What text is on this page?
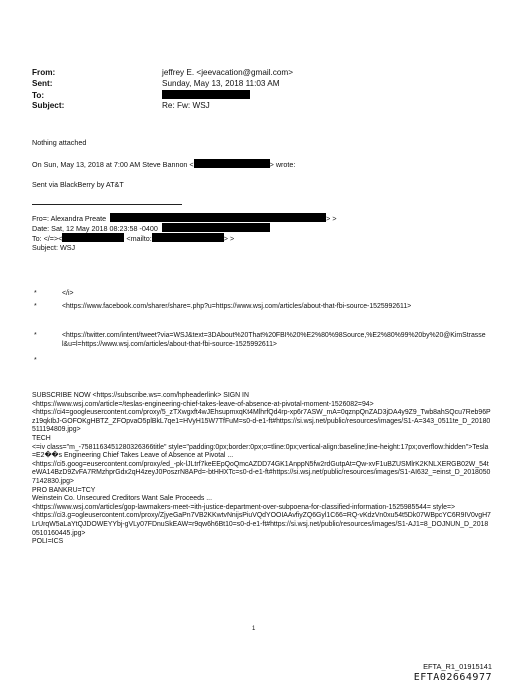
From:	jeffrey E. <jeevacation@gmail.com>
Sent:	Sunday, May 13, 2018 11:03 AM
To:
Subject:	Re: Fw: WSJ
Nothing attached
On Sun, May 13, 2018 at 7:00 AM Steve Bannon <	> wrote:
Sent via BlackBerry by AT&T
Fro=: Alexandra Preate	> >
Date: Sat, 12 May 2018 08:23:58 -0400
To: </=><	<mailto:	> >
Subject: WSJ
*	</i>
*	<https://www.facebook.com/sharer/share=.php?u=https://www.wsj.com/articles/about-that-fbi-source-1525992611>
*	<https://twitter.com/intent/tweet?via=WSJ&text=3DAbout%20That%20FBI%20%E2%80%98Source,%E2%80%99%20by%20@KimStrassel&u=l=https://www.wsj.com/articles/about-that-fbi-source-1525992611>
*
SUBSCRIBE NOW <https://subscribe.ws=.com/hpheaderlink> SIGN IN
<https://www.wsj.com/article=/teslas-engineering-chief-takes-leave-of-absence-at-pivotal-moment-1526082=94>
<https://ci4=googleusercontent.com/proxy/5_zTXwgxft4wJEhsupmxqKt4MlhrfQd4rp-xp6r7ASW_mA=0qznpQnZAD3jDA4y9Z9_Twb8ahSQcu7Reb96Pz19qkIbJ-GOFOKgHBTZ_ZFOpvaO5plBkL7qe1=HVyH15W7TfFuM=s0-d-e1-ft#https://si.wsj.net/public/resources/images/S1-A=343_0511te_D_20180511194809.jpg>
TECH
<=iv class="m_-7581163451280326366title" style="padding:0px;border:0px;o=tline:0px;vertical-align:baseline;line-height:17px;overflow:hidden">Tesla=E2��s Engineering Chief Takes Leave of Absence at Pivotal ...
<https://ci5.goog=eusercontent.com/proxy/ed_-pk-lJLtrf7keEEpQoQmcAZDD74GK1AnppN5fw2rdGutpAt=Qw-xvF1uBZUSMlrK2KNLXERGB02W_54teWA14BzD9ZvFA7RMzhprGdx2qH4zeyJ0PoszrN8APd=-btHHXTc=s0-d-e1-ft#https://si.wsj.net/public/resources/images/S1-AI632_=einst_D_20180507142830.jpg>
PRO BANKRU=TCY
Weinstein Co. Unsecured Creditors Want Sale Proceeds ...
<https://www.wsj.com/articles/gop-lawmakers-meet-=ith-justice-department-over-subpoena-for-classified-information-1525985544= style=>
<https://ci3.g=ogleusercontent.com/proxy/ZjyeGaPn7VB2KKwtvNnijsPiuVQdYOOIAAvfiyZQ6Gyl1C66=RQ-vKdzVn0xu54t5Dk07WBpcYC6R9IV0vgH7LrUrqW5aLaYtQJDOWEYYbj-gVLy07FDnuSkEAW=r9qw6h6Bt10=s0-d-e1-ft#https://si.wsj.net/public/resources/images/S1-AJ1=8_DOJNUN_D_20180510160445.jpg>
POLI=ICS
1
EFTA_R1_01915141
EFTA02664977
